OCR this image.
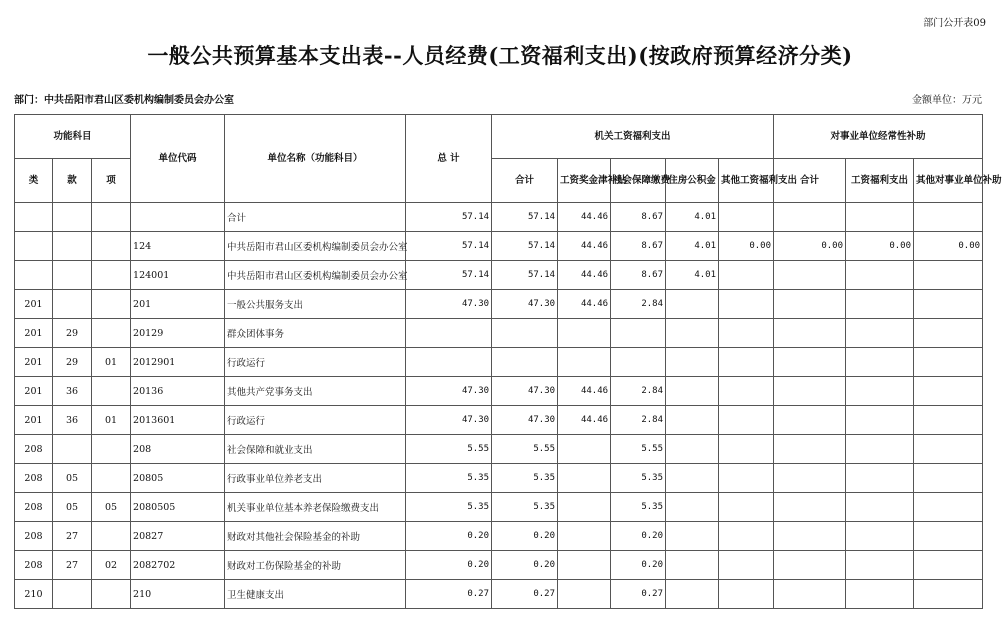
部门公开表09
一般公共预算基本支出表--人员经费(工资福利支出)(按政府预算经济分类)
部门：中共岳阳市君山区委机构编制委员会办公室	金额单位：万元
功能科目			单位代码	单位名称（功能科目）	总 计	机关工资福利支出					对事业单位经常性补助		
类	款	项				合计	工资奖金津补贴	社会保障缴费	住房公积金	其他工资福利支出	合计	工资福利支出	其他对事业单位补助
				合计	57.14	57.14	44.46	8.67	4.01				
			124	中共岳阳市君山区委机构编制委员会办公室	57.14	57.14	44.46	8.67	4.01	0.00	0.00	0.00	0.00
			124001	中共岳阳市君山区委机构编制委员会办公室	57.14	57.14	44.46	8.67	4.01				
201			201	一般公共服务支出	47.30	47.30	44.46	2.84					
201	29		20129	群众团体事务									
201	29	01	2012901	行政运行									
201	36		20136	其他共产党事务支出	47.30	47.30	44.46	2.84					
201	36	01	2013601	行政运行	47.30	47.30	44.46	2.84					
208			208	社会保障和就业支出	5.55	5.55		5.55					
208	05		20805	行政事业单位养老支出	5.35	5.35		5.35					
208	05	05	2080505	机关事业单位基本养老保险缴费支出	5.35	5.35		5.35					
208	27		20827	财政对其他社会保险基金的补助	0.20	0.20		0.20					
208	27	02	2082702	财政对工伤保险基金的补助	0.20	0.20		0.20					
210			210	卫生健康支出	0.27	0.27		0.27					
